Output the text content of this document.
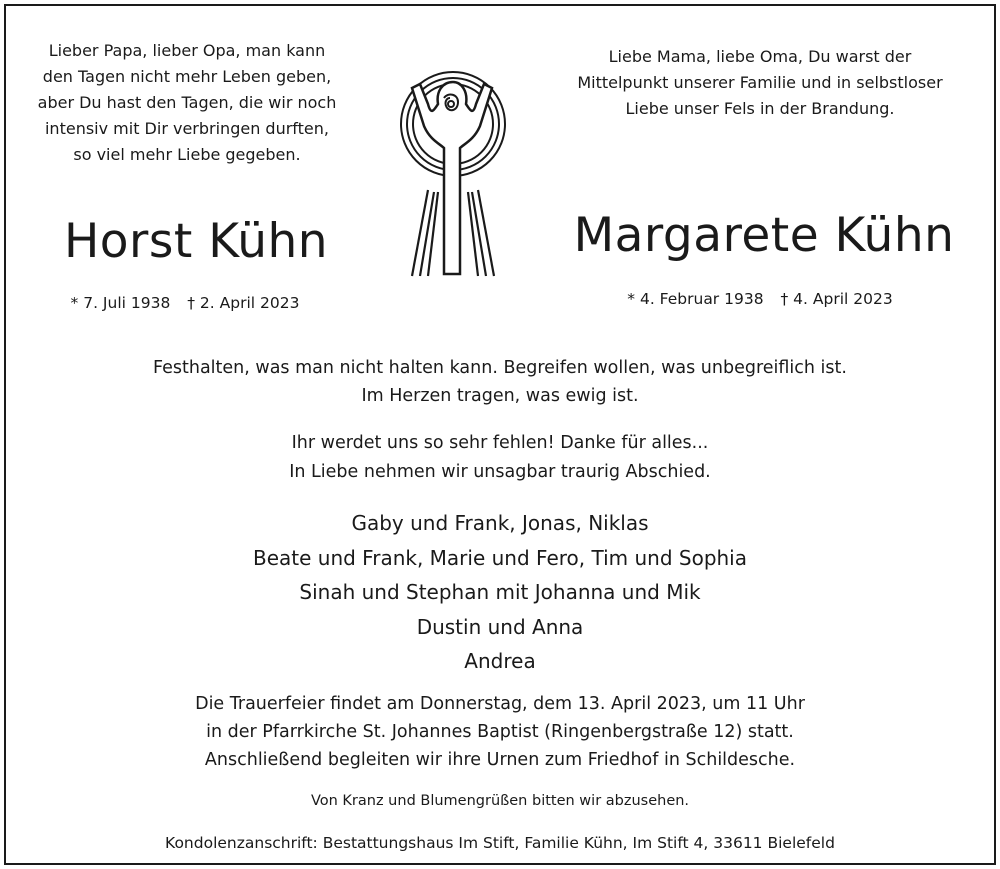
Lieber Papa, lieber Opa, man kann
den Tagen nicht mehr Leben geben,
aber Du hast den Tagen, die wir noch
intensiv mit Dir verbringen durften,
so viel mehr Liebe gegeben.
Liebe Mama, liebe Oma, Du warst der
Mittelpunkt unserer Familie und in selbstloser
Liebe unser Fels in der Brandung.
Horst Kühn	Margarete Kühn
* 7. Juli 1938 † 2. April 2023	* 4. Februar 1938 † 4. April 2023
Festhalten, was man nicht halten kann. Begreifen wollen, was unbegreiflich ist.
Im Herzen tragen, was ewig ist.
Ihr werdet uns so sehr fehlen! Danke für alles...
In Liebe nehmen wir unsagbar traurig Abschied.
Gaby und Frank, Jonas, Niklas
Beate und Frank, Marie und Fero, Tim und Sophia
Sinah und Stephan mit Johanna und Mik
Dustin und Anna
Andrea
Die Trauerfeier findet am Donnerstag, dem 13. April 2023, um 11 Uhr
in der Pfarrkirche St. Johannes Baptist (Ringenbergstraße 12) statt.
Anschließend begleiten wir ihre Urnen zum Friedhof in Schildesche.
Von Kranz und Blumengrüßen bitten wir abzusehen.
Kondolenzanschrift: Bestattungshaus Im Stift, Familie Kühn, Im Stift 4, 33611 Bielefeld
